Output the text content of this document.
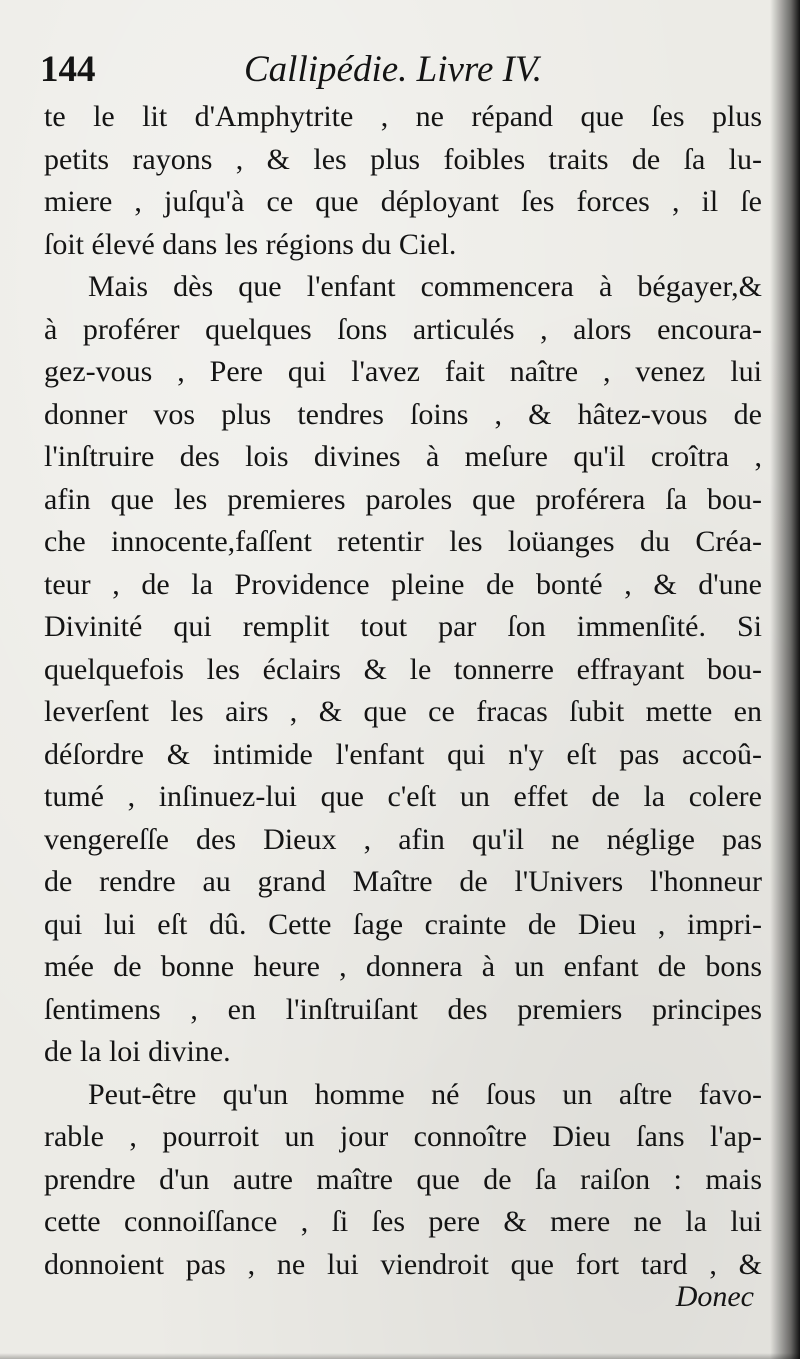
144	Callipédie. Livre IV.
te le lit d'Amphytrite , ne répand que ſes plus
petits rayons , & les plus foibles traits de ſa lu-
miere , juſqu'à ce que déployant ſes forces , il ſe
ſoit élevé dans les régions du Ciel.
Mais dès que l'enfant commencera à bégayer,&
à proférer quelques ſons articulés , alors encoura-
gez-vous , Pere qui l'avez fait naître , venez lui
donner vos plus tendres ſoins , & hâtez-vous de
l'inſtruire des lois divines à meſure qu'il croîtra ,
afin que les premieres paroles que proférera ſa bou-
che innocente,faſſent retentir les loüanges du Créa-
teur , de la Providence pleine de bonté , & d'une
Divinité qui remplit tout par ſon immenſité. Si
quelquefois les éclairs & le tonnerre effrayant bou-
leverſent les airs , & que ce fracas ſubit mette en
déſordre & intimide l'enfant qui n'y eſt pas accoû-
tumé , inſinuez-lui que c'eſt un effet de la colere
vengereſſe des Dieux , afin qu'il ne néglige pas
de rendre au grand Maître de l'Univers l'honneur
qui lui eſt dû. Cette ſage crainte de Dieu , impri-
mée de bonne heure , donnera à un enfant de bons
ſentimens , en l'inſtruiſant des premiers principes
de la loi divine.
Peut-être qu'un homme né ſous un aſtre favo-
rable , pourroit un jour connoître Dieu ſans l'ap-
prendre d'un autre maître que de ſa raiſon : mais
cette connoiſſance , ſi ſes pere & mere ne la lui
donnoient pas , ne lui viendroit que fort tard , &
Donec
